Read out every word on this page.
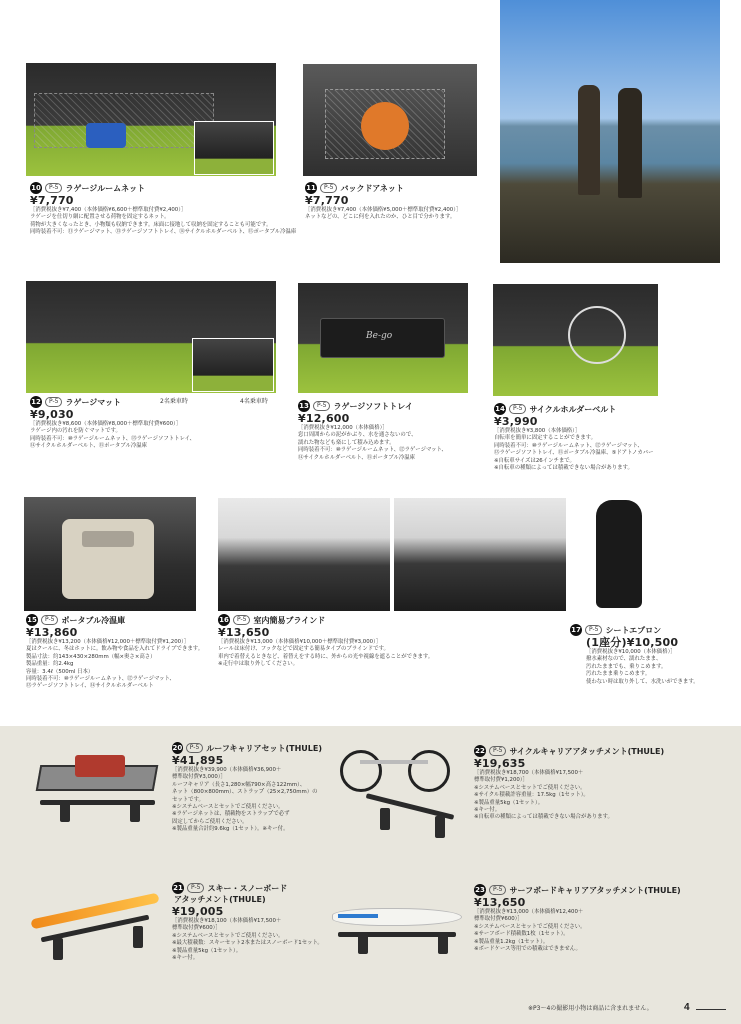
10	P-5 ラゲージルームネット
¥7,770
［消費税抜き¥7,400（本体価格¥6,600＋標準取付費¥2,400）］
ラゲージを仕切り網に配置させる荷物を固定するネット。
荷物が大きくなったとき、小物類も収納できます。床面に接地して収納を固定することも可能です。
同時装着不可：⑪ラゲージマット、⑬ラゲージソフトトレイ、⑭サイクルホルダーベルト、⑮ポータブル冷温庫
11	P-5 バックドアネット
¥7,770
［消費税抜き¥7,400（本体価格¥5,000＋標準取付費¥2,400）］
ネットなどの、どこに何を入れたのか、ひと目で分かります。
2名乗車時	4名乗車時
12	P-5 ラゲージマット
¥9,030
［消費税抜き¥8,600（本体価格¥8,000＋標準取付費¥600）］
ラゲージ内の汚れを防ぐマットです。
同時装着不可：⑩ラゲージルームネット、⑬ラゲージソフトトレイ、
⑭サイクルホルダーベルト、⑮ポータブル冷温庫
Be-go
13	P-5 ラゲージソフトトレイ
¥12,600
［消費税抜き¥12,000（本体価格）］
窓口周囲からの泥がかぶり、水を通さないので、
濡れた物なども楽にして積み込めます。
同時装着不可：⑩ラゲージルームネット、⑫ラゲージマット、
⑭サイクルホルダーベルト、⑮ポータブル冷温庫
14	P-5 サイクルホルダーベルト
¥3,990
［消費税抜き¥3,800（本体価格）］
自転車を簡単に固定することができます。
同時装着不可：⑩ラゲージルームネット、⑫ラゲージマット、
⑬ラゲージソフトトレイ、⑮ポータブル冷温庫、⑤ドアトノカバー
※自転車サイズは26インチまで。
※自転車の種類によっては積載できない場合があります。
15	P-5 ポータブル冷温庫
¥13,860
［消費税抜き¥13,200（本体価格¥12,000＋標準取付費¥1,200）］
夏はクールに、冬はホットに。飲み物や食品を入れてドライブできます。
製品寸法：約143×430×280mm（幅×奥さ×高さ）
製品重量：約2.4kg
容量：3.4ℓ（500ml 日本）
同時装着不可：⑩ラゲージルームネット、⑫ラゲージマット、
⑬ラゲージソフトトレイ、⑭サイクルホルダーベルト
16	P-5 室内簡易ブラインド
¥13,650
［消費税抜き¥13,000（本体価格¥10,000＋標準取付費¥3,000）］
レールは床付け、フックなどで固定する簡易タイプのブラインドです。
車内で着替えるときなど、着替えをする時に、外からの光や視線を遮ることができます。
※走行中は取り外してください。
17	P-5 シートエプロン
(1座分)¥10,500
［消費税抜き¥10,000（本体価格）］
撥水素材なので、濡れたまま、
汚れたままでも、乗りこめます。
汚れたまま乗りこめます。
使わない時は取り外して、水洗いができます。
20	P-5 ルーフキャリアセット(THULE)
¥41,895
［消費税抜き¥39,900（本体価格¥36,900＋
標準取付費¥3,000）］
ルーフキャリア（長さ1,280×幅790×高さ122mm）、
ネット（800×800mm）、ストラップ（25×2,750mm）の
セットです。
※システムベースとセットでご使用ください。
※ラゲージネットは、積載物をストラップで必ず
固定してからご使用ください。
※製品重量合計約9.6kg（1セット）。※キー付。
22	P-5 サイクルキャリアアタッチメント(THULE)
¥19,635
［消費税抜き¥18,700（本体価格¥17,500＋
標準取付費¥1,200）］
※システムベースとセットでご使用ください。
※サイクル積載許容重量：17.5kg（1セット）。
※製品重量5kg（1セット）。
※キー付。
※自転車の種類によっては積載できない場合があります。
21	P-5 スキー・スノーボード
アタッチメント(THULE)
¥19,005
［消費税抜き¥18,100（本体価格¥17,500＋
標準取付費¥600）］
※システムベースとセットでご使用ください。
※最大積載数：スキーセット2本またはスノーボード1セット。
※製品重量5kg（1セット）。
※キー付。
23	P-5 サーフボードキャリアアタッチメント(THULE)
¥13,650
［消費税抜き¥13,000（本体価格¥12,400＋
標準取付費¥600）］
※システムベースとセットでご使用ください。
※サーフボード積載数1枚（1セット）。
※製品重量1.2kg（1セット）。
※ボードケース等用での積載はできません。
※P3～4の撮影用小物は商品に含まれません。	4
